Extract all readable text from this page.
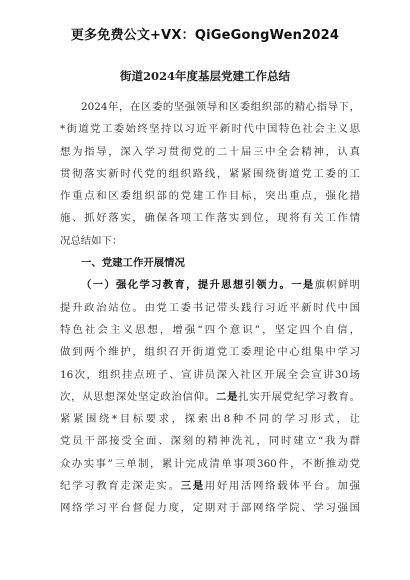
更多免费公文+VX：QiGeGongWen2024
街道2024年度基层党建工作总结
2024年，在区委的坚强领导和区委组织部的精心指导下，
*街道党工委始终坚持以习近平新时代中国特色社会主义思
想为指导，深入学习贯彻党的二十届三中全会精神，认真
贯彻落实新时代党的组织路线，紧紧围绕街道党工委的工
作重点和区委组织部的党建工作目标，突出重点，强化措
施、抓好落实，确保各项工作落实到位，现将有关工作情
况总结如下：
一、党建工作开展情况
（一）强化学习教育，提升思想引领力。一是旗帜鲜明
提升政治站位。由党工委书记带头践行习近平新时代中国
特色社会主义思想，增强“四个意识”，坚定四个自信，
做到两个维护，组织召开街道党工委理论中心组集中学习
16次，组织挂点班子、宣讲员深入社区开展全会宣讲30场
次，从思想深处坚定政治信仰。二是扎实开展党纪学习教育。
紧紧围绕*目标要求，探索出8种不同的学习形式，让
党员干部接受全面、深刻的精神洗礼，同时建立“我为群
众办实事”三单制，累计完成清单事项360件，不断推动党
纪学习教育走深走实。三是用好用活网络载体平台。加强
网络学习平台督促力度，定期对于部网络学院、学习强国
